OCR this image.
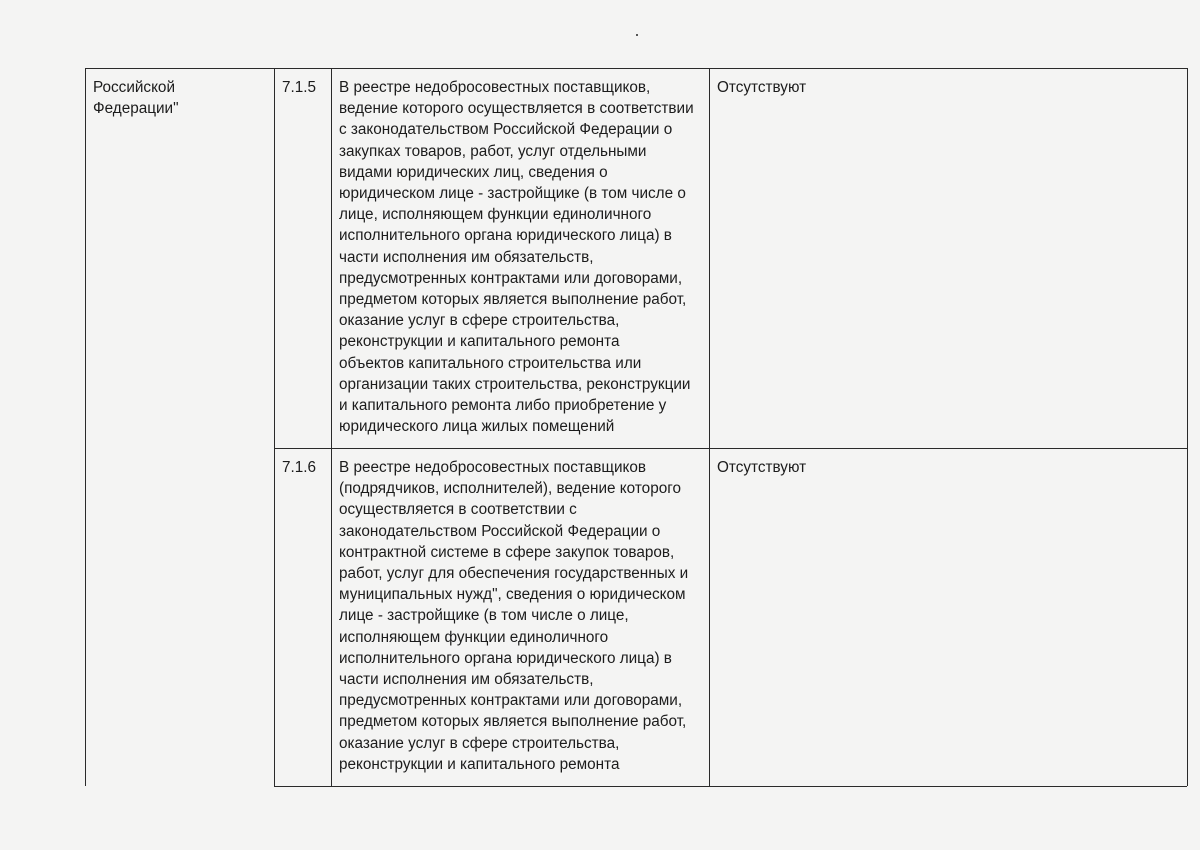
Российской
Федерации"
7.1.5	В реестре недобросовестных поставщиков,
ведение которого осуществляется в соответствии
с законодательством Российской Федерации о
закупках товаров, работ, услуг отдельными
видами юридических лиц, сведения о
юридическом лице - застройщике (в том числе о
лице, исполняющем функции единоличного
исполнительного органа юридического лица) в
части исполнения им обязательств,
предусмотренных контрактами или договорами,
предметом которых является выполнение работ,
оказание услуг в сфере строительства,
реконструкции и капитального ремонта
объектов капитального строительства или
организации таких строительства, реконструкции
и капитального ремонта либо приобретение у
юридического лица жилых помещений
Отсутствуют
7.1.6	В реестре недобросовестных поставщиков
(подрядчиков, исполнителей), ведение которого
осуществляется в соответствии с
законодательством Российской Федерации о
контрактной системе в сфере закупок товаров,
работ, услуг для обеспечения государственных и
муниципальных нужд", сведения о юридическом
лице - застройщике (в том числе о лице,
исполняющем функции единоличного
исполнительного органа юридического лица) в
части исполнения им обязательств,
предусмотренных контрактами или договорами,
предметом которых является выполнение работ,
оказание услуг в сфере строительства,
реконструкции и капитального ремонта
Отсутствуют
